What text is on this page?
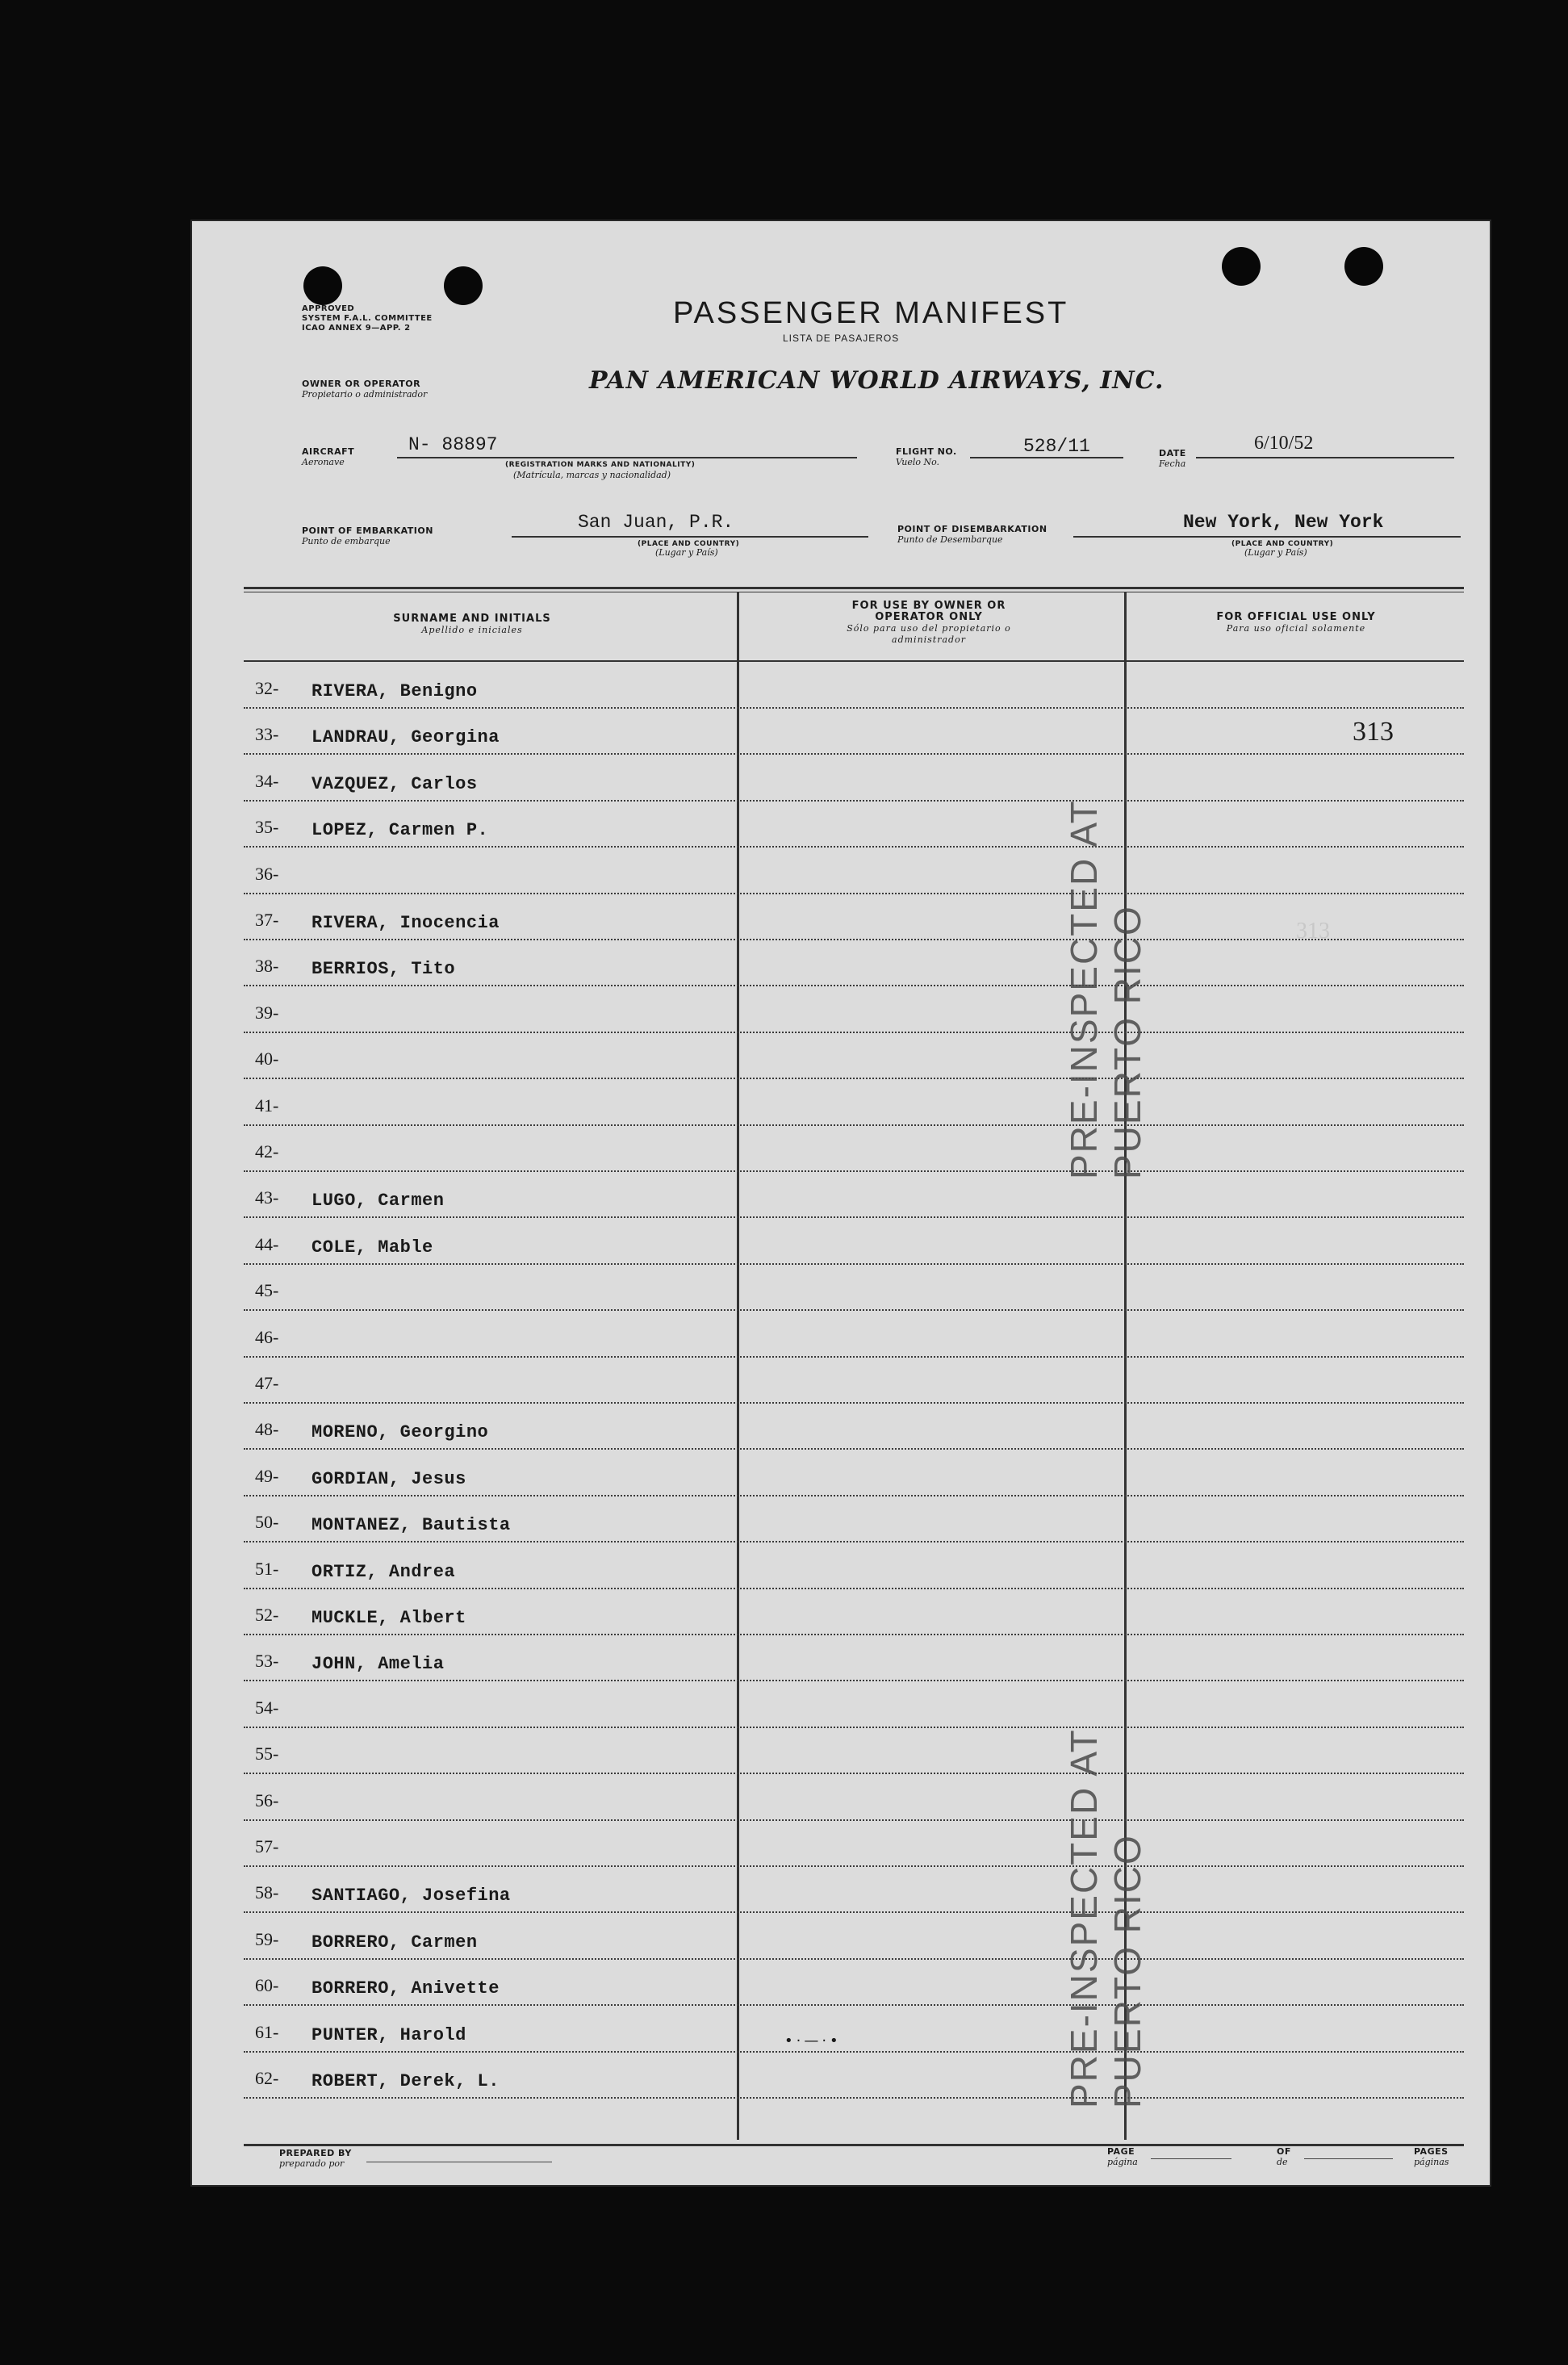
APPROVED
SYSTEM F.A.L. COMMITTEE
ICAO ANNEX 9—APP. 2	PASSENGER MANIFEST
LISTA DE PASAJEROS
OWNER OR OPERATOR
Propietario o administrador	PAN AMERICAN WORLD AIRWAYS, INC.
AIRCRAFT
Aeronave
N- 88897
(REGISTRATION MARKS AND NATIONALITY)
(Matrícula, marcas y nacionalidad)
FLIGHT NO.
Vuelo No.
528/11	DATE
Fecha
6/10/52
POINT OF EMBARKATION
Punto de embarque
San Juan, P.R.
(PLACE AND COUNTRY)
(Lugar y País)
POINT OF DISEMBARKATION
Punto de Desembarque
New York, New York
(PLACE AND COUNTRY)
(Lugar y País)
SURNAME AND INITIALS
Apellido e iniciales
FOR USE BY OWNER OR OPERATOR ONLY
Sólo para uso del propietario o administrador
FOR OFFICIAL USE ONLY
Para uso oficial solamente
32-	RIVERA, Benigno
33-	LANDRAU, Georgina
34-	VAZQUEZ, Carlos
35-	LOPEZ, Carmen P.
36-
37-	RIVERA, Inocencia
38-	BERRIOS, Tito
39-
40-
41-
42-
43-	LUGO, Carmen
44-	COLE, Mable
45-
46-
47-
48-	MORENO, Georgino
49-	GORDIAN, Jesus
50-	MONTANEZ, Bautista
51-	ORTIZ, Andrea
52-	MUCKLE, Albert
53-	JOHN, Amelia
54-
55-
56-
57-
58-	SANTIAGO, Josefina
59-	BORRERO, Carmen
60-	BORRERO, Anivette
61-	PUNTER, Harold
62-	ROBERT, Derek, L.
PRE-INSPECTED AT PUERTO RICO
PRE-INSPECTED AT PUERTO RICO
313
313
•·—·•
PREPARED BY
preparado por
PAGE
página
OF
de
PAGES
páginas
